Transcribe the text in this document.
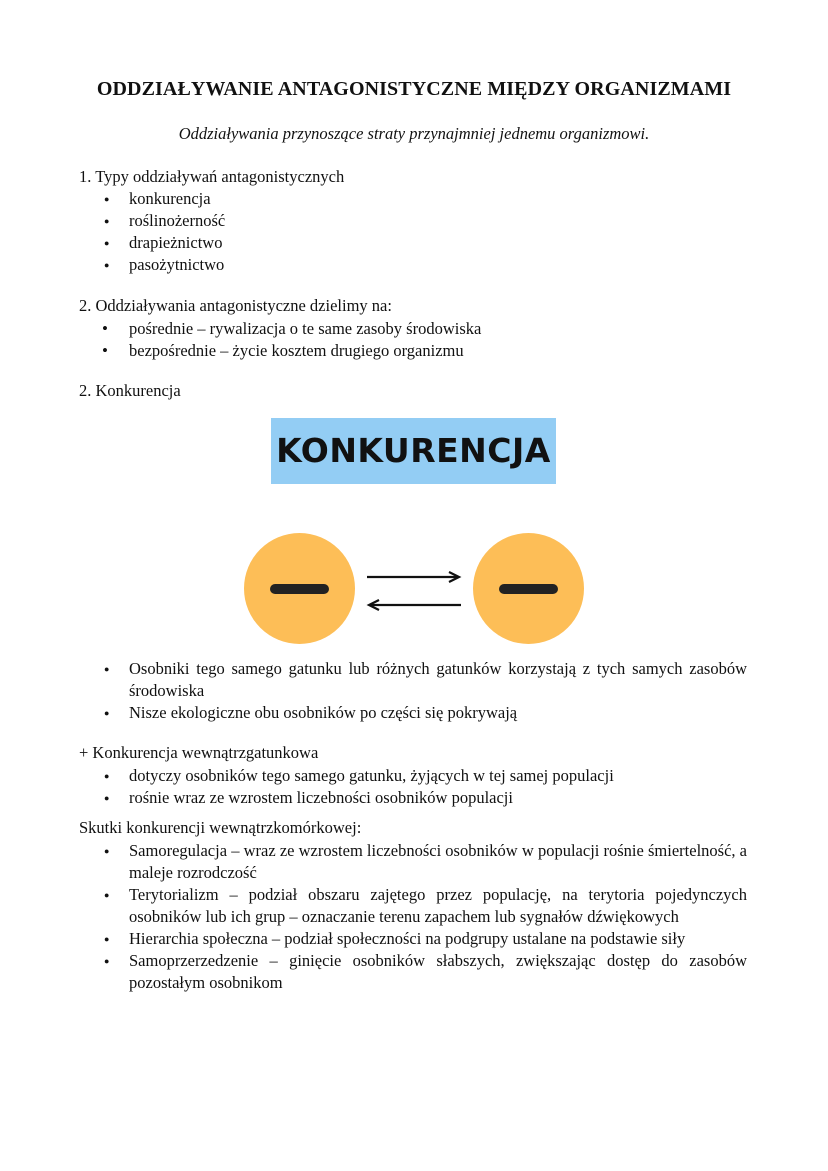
ODDZIAŁYWANIE ANTAGONISTYCZNE MIĘDZY ORGANIZMAMI
Oddziaływania przynoszące straty przynajmniej jednemu organizmowi.
1. Typy oddziaływań antagonistycznych
● konkurencja
● roślinożerność
● drapieżnictwo
● pasożytnictwo
2. Oddziaływania antagonistyczne dzielimy na:
• pośrednie – rywalizacja o te same zasoby środowiska
• bezpośrednie – życie kosztem drugiego organizmu
2. Konkurencja
KONKURENCJA
● Osobniki tego samego gatunku lub różnych gatunków korzystają z tych samych zasobów środowiska
● Nisze ekologiczne obu osobników po części się pokrywają
+ Konkurencja wewnątrzgatunkowa
● dotyczy osobników tego samego gatunku, żyjących w tej samej populacji
● rośnie wraz ze wzrostem liczebności osobników populacji
Skutki konkurencji wewnątrzkomórkowej:
● Samoregulacja – wraz ze wzrostem liczebności osobników w populacji rośnie śmiertelność, a maleje rozrodczość
● Terytorializm – podział obszaru zajętego przez populację, na terytoria pojedynczych osobników lub ich grup – oznaczanie terenu zapachem lub sygnałów dźwiękowych
● Hierarchia społeczna – podział społeczności na podgrupy ustalane na podstawie siły
● Samoprzerzedzenie – ginięcie osobników słabszych, zwiększając dostęp do zasobów pozostałym osobnikom
